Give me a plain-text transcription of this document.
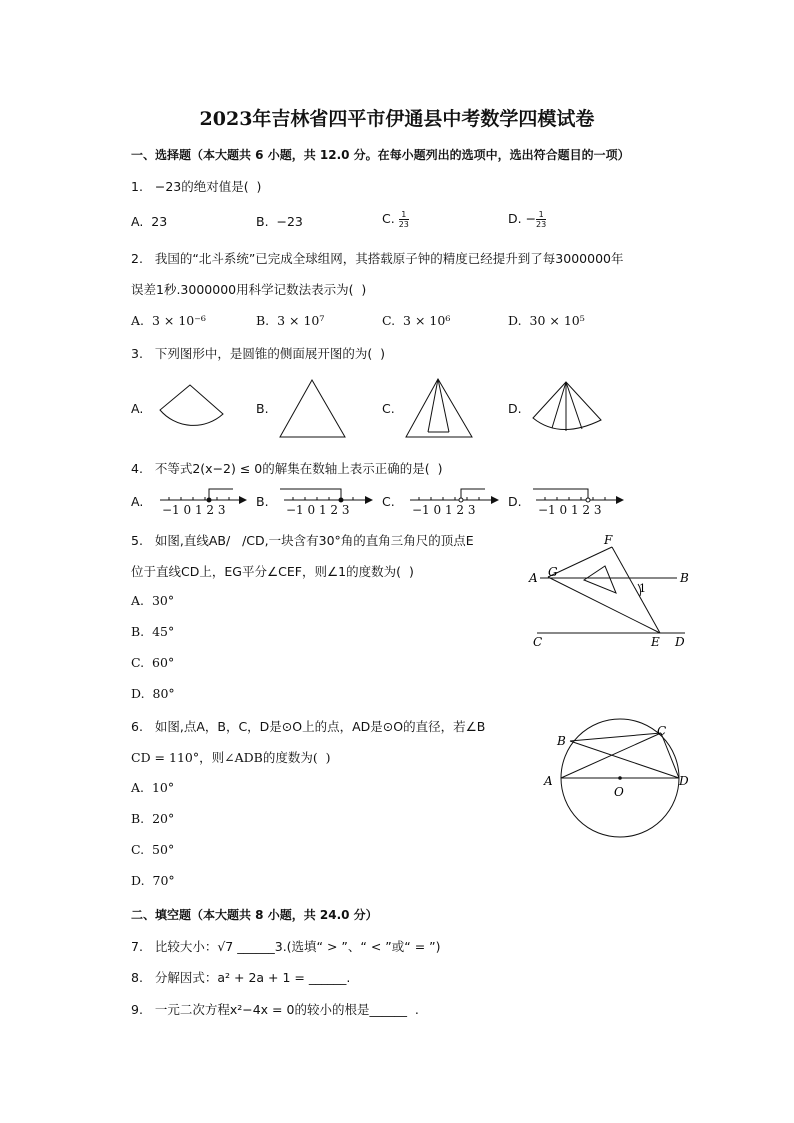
2023年吉林省四平市伊通县中考数学四模试卷
一、选择题（本大题共 6 小题，共 12.0 分。在每小题列出的选项中，选出符合题目的一项）
1.   −23的绝对值是(  )
A.  23	B.  −23	C. $\frac{1}{23}$	D. − $\frac{1}{23}$
2.   我国的“北斗系统”已完成全球组网，其搭载原子钟的精度已经提升到了每3000000年
误差1秒.3000000用科学记数法表示为(  )
A.  3 × 10⁻⁶	B.  3 × 10⁷	C.  3 × 10⁶	D.  30 × 10⁵
3.   下列图形中，是圆锥的侧面展开图的为(  )
A.	B.	C.	D.
4.   不等式2(x−2) ≤ 0的解集在数轴上表示正确的是(  )
A.	B.	C.	D.
−1 0 1 2 3	−1 0 1 2 3	−1 0 1 2 3	−1 0 1 2 3
5.   如图,直线AB/   /CD,一块含有30°角的直角三角尺的顶点E
位于直线CD上，EG平分∠CEF，则∠1的度数为(  )
A.  30°
B.  45°
C.  60°
D.  80°
F
A G	B
1
C	E D
6.   如图,点A，B，C，D是⊙O上的点，AD是⊙O的直径，若∠B
CD = 110°，则∠ADB的度数为(  )
A.  10°
B.  20°
C.  50°
D.  70°
B
C
A
O
D
二、填空题（本大题共 8 小题，共 24.0 分）
7.   比较大小：√7 ______3.(选填“ > ”、“ < ”或“ = ”)
8.   分解因式：a² + 2a + 1 = ______.
9.   一元二次方程x²−4x = 0的较小的根是______  .
